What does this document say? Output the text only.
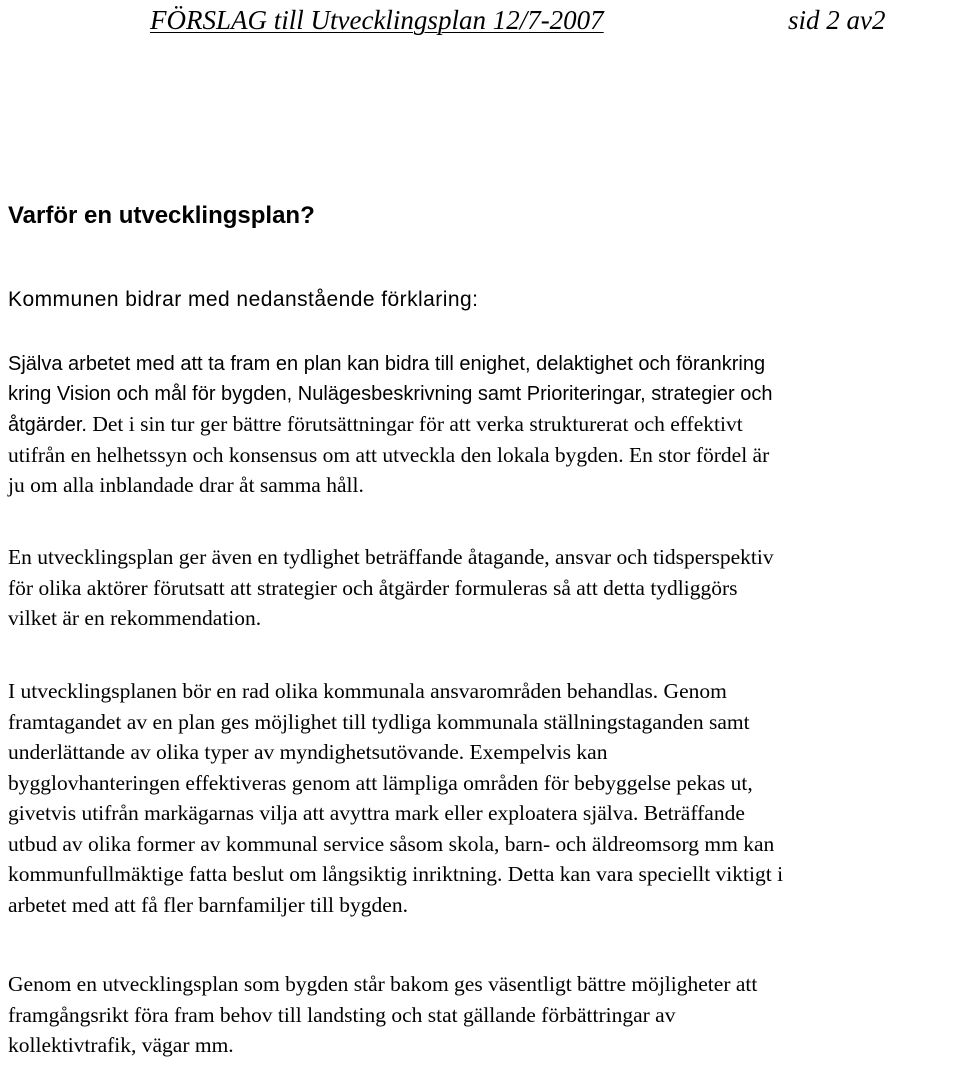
FÖRSLAG till Utvecklingsplan 12/7-2007	sid 2 av2
Varför en utvecklingsplan?
Kommunen bidrar med nedanstående förklaring:
Själva arbetet med att ta fram en plan kan bidra till enighet, delaktighet och förankring
kring Vision och mål för bygden, Nulägesbeskrivning samt Prioriteringar, strategier och
åtgärder. Det i sin tur ger bättre förutsättningar för att verka strukturerat och effektivt
utifrån en helhetssyn och konsensus om att utveckla den lokala bygden. En stor fördel är
ju om alla inblandade drar åt samma håll.
En utvecklingsplan ger även en tydlighet beträffande åtagande, ansvar och tidsperspektiv
för olika aktörer förutsatt att strategier och åtgärder formuleras så att detta tydliggörs
vilket är en rekommendation.
I utvecklingsplanen bör en rad olika kommunala ansvarområden behandlas. Genom
framtagandet av en plan ges möjlighet till tydliga kommunala ställningstaganden samt
underlättande av olika typer av myndighetsutövande. Exempelvis kan
bygglovhanteringen effektiveras genom att lämpliga områden för bebyggelse pekas ut,
givetvis utifrån markägarnas vilja att avyttra mark eller exploatera själva. Beträffande
utbud av olika former av kommunal service såsom skola, barn- och äldreomsorg mm kan
kommunfullmäktige fatta beslut om långsiktig inriktning. Detta kan vara speciellt viktigt i
arbetet med att få fler barnfamiljer till bygden.
Genom en utvecklingsplan som bygden står bakom ges väsentligt bättre möjligheter att
framgångsrikt föra fram behov till landsting och stat gällande förbättringar av
kollektivtrafik, vägar mm.
